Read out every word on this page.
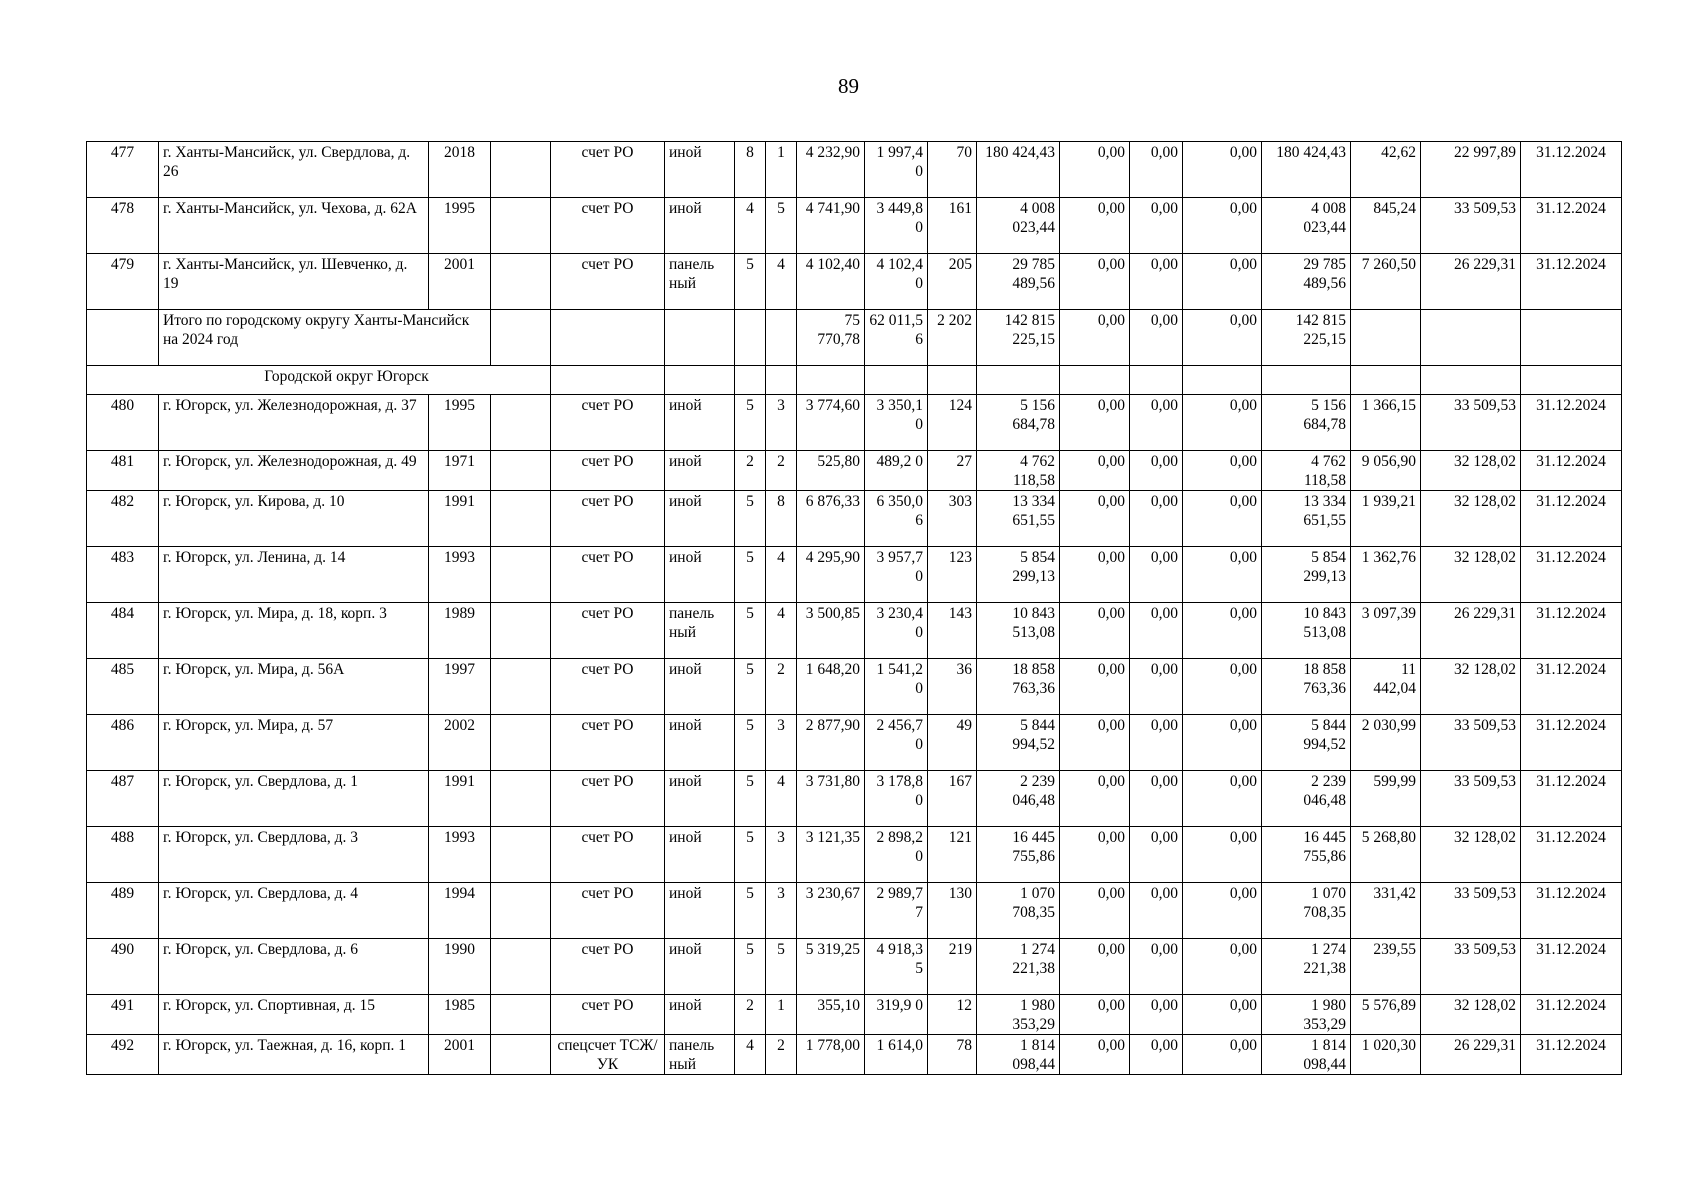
89
477	г. Ханты-Мансийск, ул. Свердлова, д. 26	2018		счет РО	иной	8	1	4 232,90	1 997,4 0	70	180 424,43	0,00	0,00	0,00	180 424,43	42,62	22 997,89	31.12.2024
478	г. Ханты-Мансийск, ул. Чехова, д. 62А	1995		счет РО	иной	4	5	4 741,90	3 449,8 0	161	4 008 023,44	0,00	0,00	0,00	4 008 023,44	845,24	33 509,53	31.12.2024
479	г. Ханты-Мансийск, ул. Шевченко, д. 19	2001		счет РО	панель ный	5	4	4 102,40	4 102,4 0	205	29 785 489,56	0,00	0,00	0,00	29 785 489,56	7 260,50	26 229,31	31.12.2024
	Итого по городскому округу Ханты-Мансийск на 2024 год							75 770,78	62 011,5 6	2 202	142 815 225,15	0,00	0,00	0,00	142 815 225,15			
Городской округ Югорск																		
480	г. Югорск, ул. Железнодорожная, д. 37	1995		счет РО	иной	5	3	3 774,60	3 350,1 0	124	5 156 684,78	0,00	0,00	0,00	5 156 684,78	1 366,15	33 509,53	31.12.2024
481	г. Югорск, ул. Железнодорожная, д. 49	1971		счет РО	иной	2	2	525,80	489,2 0	27	4 762 118,58	0,00	0,00	0,00	4 762 118,58	9 056,90	32 128,02	31.12.2024
482	г. Югорск, ул. Кирова, д. 10	1991		счет РО	иной	5	8	6 876,33	6 350,0 6	303	13 334 651,55	0,00	0,00	0,00	13 334 651,55	1 939,21	32 128,02	31.12.2024
483	г. Югорск, ул. Ленина, д. 14	1993		счет РО	иной	5	4	4 295,90	3 957,7 0	123	5 854 299,13	0,00	0,00	0,00	5 854 299,13	1 362,76	32 128,02	31.12.2024
484	г. Югорск, ул. Мира, д. 18, корп. 3	1989		счет РО	панель ный	5	4	3 500,85	3 230,4 0	143	10 843 513,08	0,00	0,00	0,00	10 843 513,08	3 097,39	26 229,31	31.12.2024
485	г. Югорск, ул. Мира, д. 56А	1997		счет РО	иной	5	2	1 648,20	1 541,2 0	36	18 858 763,36	0,00	0,00	0,00	18 858 763,36	11 442,04	32 128,02	31.12.2024
486	г. Югорск, ул. Мира, д. 57	2002		счет РО	иной	5	3	2 877,90	2 456,7 0	49	5 844 994,52	0,00	0,00	0,00	5 844 994,52	2 030,99	33 509,53	31.12.2024
487	г. Югорск, ул. Свердлова, д. 1	1991		счет РО	иной	5	4	3 731,80	3 178,8 0	167	2 239 046,48	0,00	0,00	0,00	2 239 046,48	599,99	33 509,53	31.12.2024
488	г. Югорск, ул. Свердлова, д. 3	1993		счет РО	иной	5	3	3 121,35	2 898,2 0	121	16 445 755,86	0,00	0,00	0,00	16 445 755,86	5 268,80	32 128,02	31.12.2024
489	г. Югорск, ул. Свердлова, д. 4	1994		счет РО	иной	5	3	3 230,67	2 989,7 7	130	1 070 708,35	0,00	0,00	0,00	1 070 708,35	331,42	33 509,53	31.12.2024
490	г. Югорск, ул. Свердлова, д. 6	1990		счет РО	иной	5	5	5 319,25	4 918,3 5	219	1 274 221,38	0,00	0,00	0,00	1 274 221,38	239,55	33 509,53	31.12.2024
491	г. Югорск, ул. Спортивная, д. 15	1985		счет РО	иной	2	1	355,10	319,9 0	12	1 980 353,29	0,00	0,00	0,00	1 980 353,29	5 576,89	32 128,02	31.12.2024
492	г. Югорск, ул. Таежная, д. 16, корп. 1	2001		спецсчет ТСЖ/УК	панель ный	4	2	1 778,00	1 614,0	78	1 814 098,44	0,00	0,00	0,00	1 814 098,44	1 020,30	26 229,31	31.12.2024
